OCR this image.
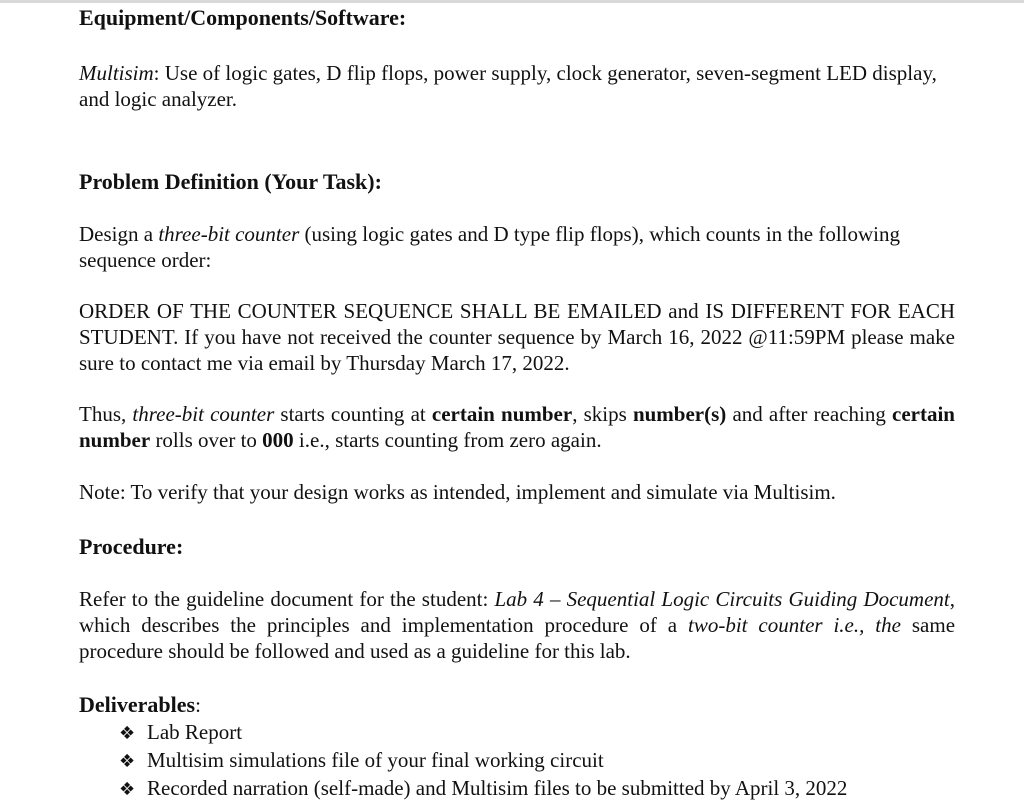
Equipment/Components/Software:
Multisim: Use of logic gates, D flip flops, power supply, clock generator, seven-segment LED display, and logic analyzer.
Problem Definition (Your Task):
Design a three-bit counter (using logic gates and D type flip flops), which counts in the following sequence order:
ORDER OF THE COUNTER SEQUENCE SHALL BE EMAILED and IS DIFFERENT FOR EACH STUDENT. If you have not received the counter sequence by March 16, 2022 @11:59PM please make sure to contact me via email by Thursday March 17, 2022.
Thus, three-bit counter starts counting at certain number, skips number(s) and after reaching certain number rolls over to 000 i.e., starts counting from zero again.
Note: To verify that your design works as intended, implement and simulate via Multisim.
Procedure:
Refer to the guideline document for the student: Lab 4 – Sequential Logic Circuits Guiding Document, which describes the principles and implementation procedure of a two-bit counter i.e., the same procedure should be followed and used as a guideline for this lab.
Deliverables:
❖ Lab Report
❖ Multisim simulations file of your final working circuit
❖ Recorded narration (self-made) and Multisim files to be submitted by April 3, 2022
